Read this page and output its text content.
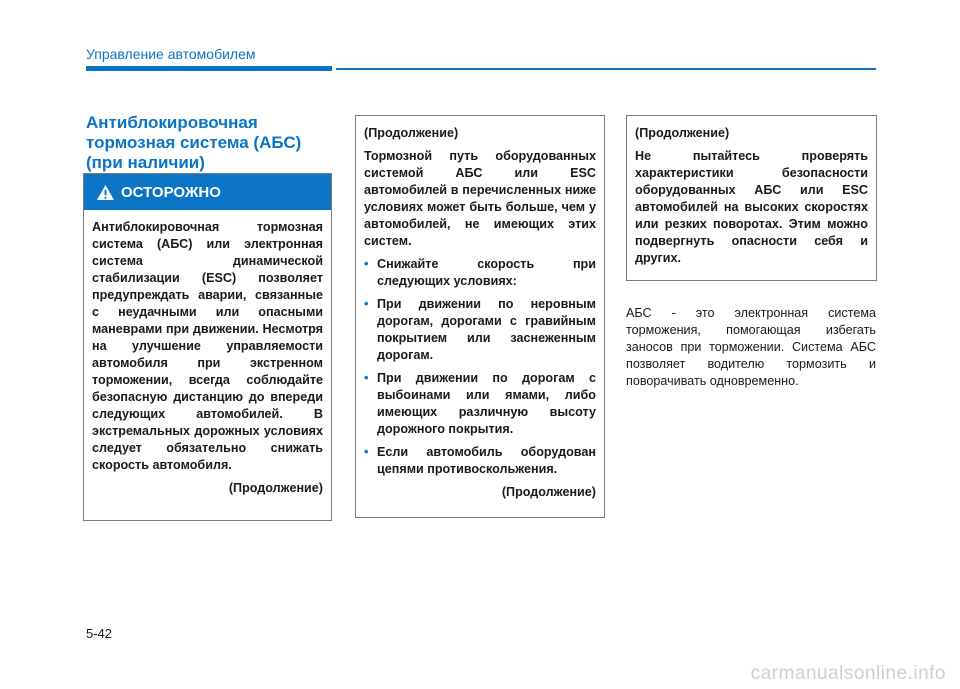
Управление автомобилем
Антиблокировочная
тормозная система (АБС)
(при наличии)
ОСТОРОЖНО

Антиблокировочная тормозная система (АБС) или электронная система динамической стабилизации (ESC) позволяет предупреждать аварии, связанные с неудачными или опасными маневрами при движении. Несмотря на улучшение управляемости автомобиля при экстренном торможении, всегда соблюдайте безопасную дистанцию до впереди следующих автомобилей. В экстремальных дорожных условиях следует обязательно снижать скорость автомобиля.

(Продолжение)

(Продолжение)

Тормозной путь оборудованных системой АБС или ESC автомобилей в перечисленных ниже условиях может быть больше, чем у автомобилей, не имеющих этих систем.

• Снижайте скорость при следующих условиях:
• При движении по неровным дорогам, дорогами с гравийным покрытием или заснеженным дорогам.
• При движении по дорогам с выбоинами или ямами, либо имеющих различную высоту дорожного покрытия.
• Если автомобиль оборудован цепями противоскольжения.

(Продолжение)

(Продолжение)

Не пытайтесь проверять характеристики безопасности оборудованных АБС или ESC автомобилей на высоких скоростях или резких поворотах. Этим можно подвергнуть опасности себя и других.

АБС - это электронная система торможения, помогающая избегать заносов при торможении. Система АБС позволяет водителю тормозить и поворачивать одновременно.
5-42
carmanualsonline.info
